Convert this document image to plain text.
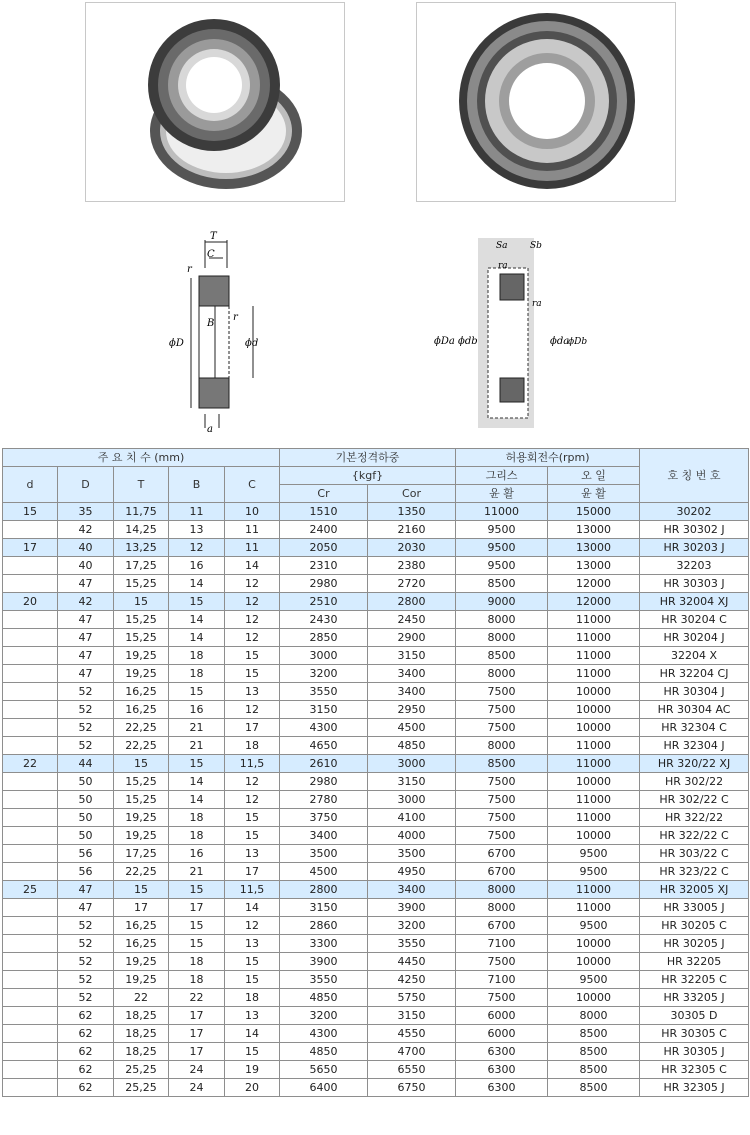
T
C
r
B
r
ϕD	ϕd
a
Sa Sb
ra
ra
ϕDa ϕdb	ϕda
ϕDb
주 요 치 수 (mm)					기본정격하중		허용회전수(rpm)		호 칭 번 호
d	D	T	B	C	{kgf}		그리스	오 일	
					Cr	Cor	윤 활	윤 활	
15	35	11,75	11	10	1510	1350	11000	15000	30202
	42	14,25	13	11	2400	2160	9500	13000	HR 30302 J
17	40	13,25	12	11	2050	2030	9500	13000	HR 30203 J
	40	17,25	16	14	2310	2380	9500	13000	32203
	47	15,25	14	12	2980	2720	8500	12000	HR 30303 J
20	42	15	15	12	2510	2800	9000	12000	HR 32004 XJ
	47	15,25	14	12	2430	2450	8000	11000	HR 30204 C
	47	15,25	14	12	2850	2900	8000	11000	HR 30204 J
	47	19,25	18	15	3000	3150	8500	11000	32204 X
	47	19,25	18	15	3200	3400	8000	11000	HR 32204 CJ
	52	16,25	15	13	3550	3400	7500	10000	HR 30304 J
	52	16,25	16	12	3150	2950	7500	10000	HR 30304 AC
	52	22,25	21	17	4300	4500	7500	10000	HR 32304 C
	52	22,25	21	18	4650	4850	8000	11000	HR 32304 J
22	44	15	15	11,5	2610	3000	8500	11000	HR 320/22 XJ
	50	15,25	14	12	2980	3150	7500	10000	HR 302/22
	50	15,25	14	12	2780	3000	7500	11000	HR 302/22 C
	50	19,25	18	15	3750	4100	7500	11000	HR 322/22
	50	19,25	18	15	3400	4000	7500	10000	HR 322/22 C
	56	17,25	16	13	3500	3500	6700	9500	HR 303/22 C
	56	22,25	21	17	4500	4950	6700	9500	HR 323/22 C
25	47	15	15	11,5	2800	3400	8000	11000	HR 32005 XJ
	47	17	17	14	3150	3900	8000	11000	HR 33005 J
	52	16,25	15	12	2860	3200	6700	9500	HR 30205 C
	52	16,25	15	13	3300	3550	7100	10000	HR 30205 J
	52	19,25	18	15	3900	4450	7500	10000	HR 32205
	52	19,25	18	15	3550	4250	7100	9500	HR 32205 C
	52	22	22	18	4850	5750	7500	10000	HR 33205 J
	62	18,25	17	13	3200	3150	6000	8000	30305 D
	62	18,25	17	14	4300	4550	6000	8500	HR 30305 C
	62	18,25	17	15	4850	4700	6300	8500	HR 30305 J
	62	25,25	24	19	5650	6550	6300	8500	HR 32305 C
	62	25,25	24	20	6400	6750	6300	8500	HR 32305 J
